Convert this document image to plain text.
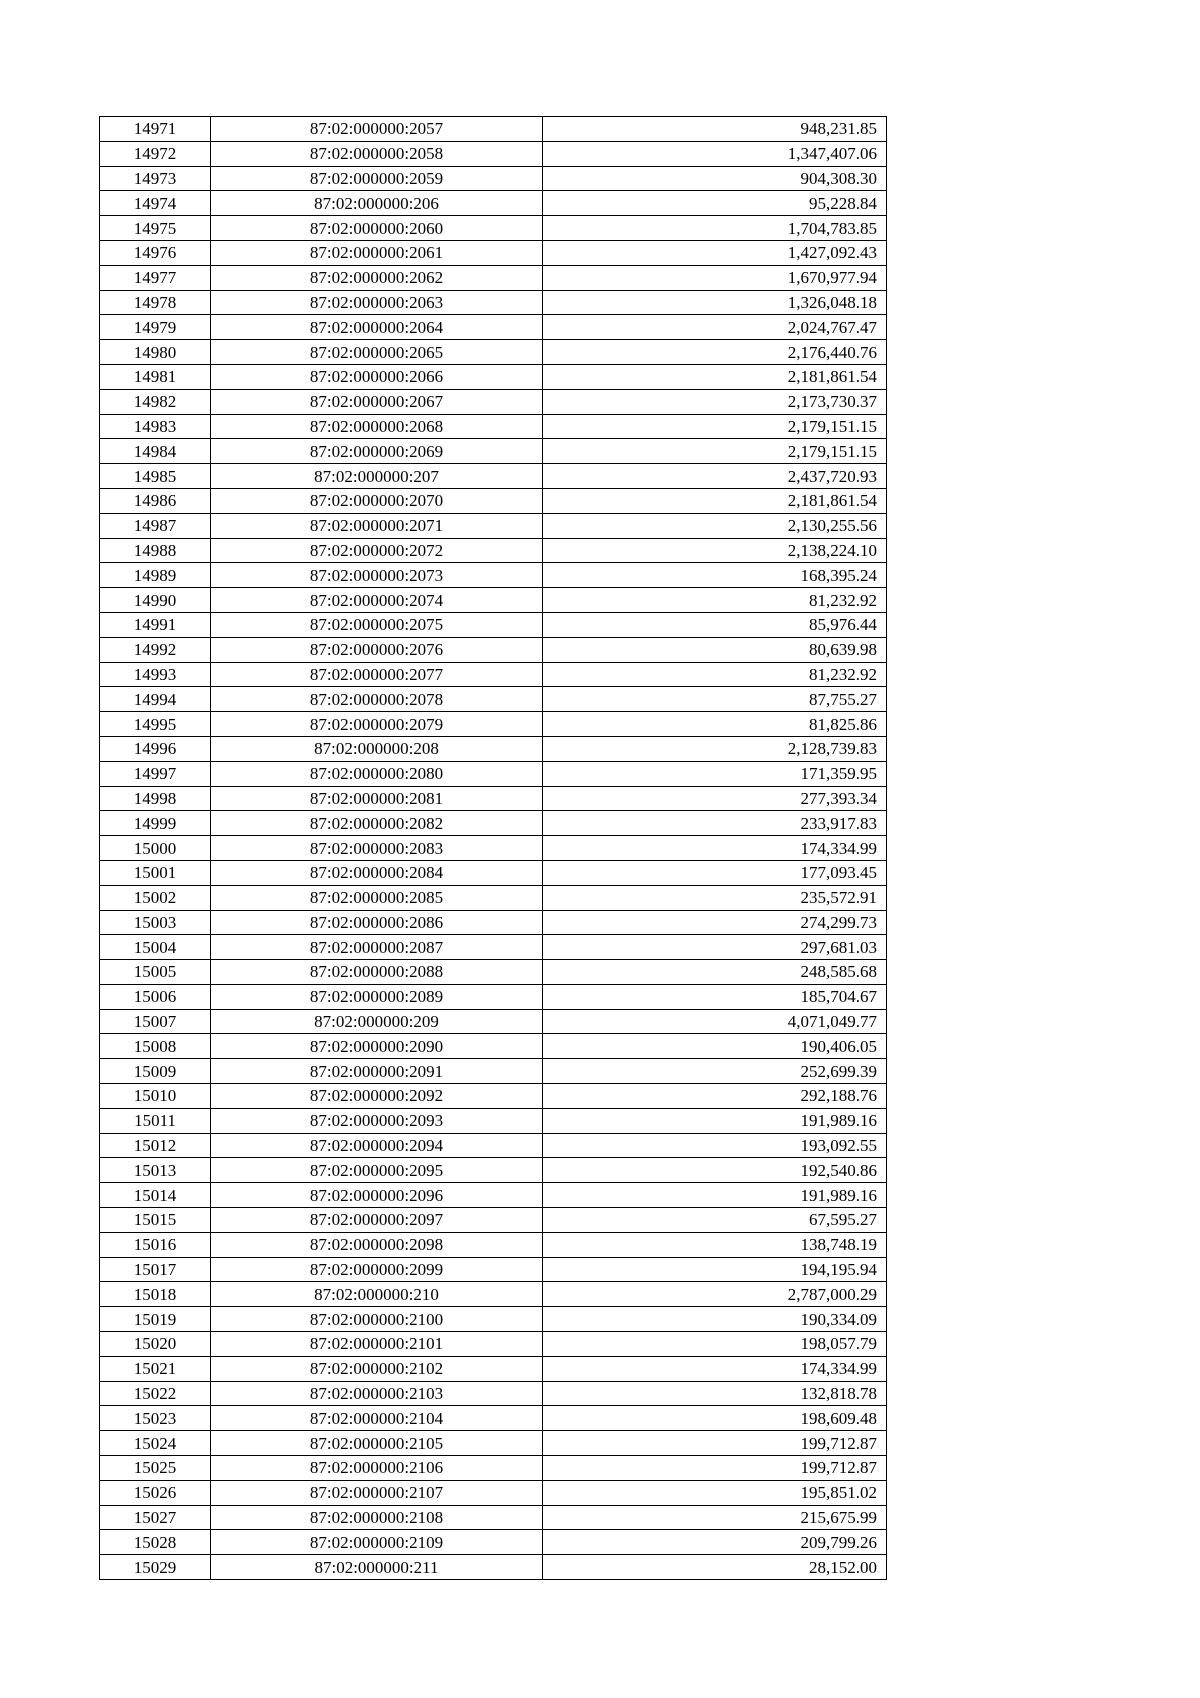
14971	87:02:000000:2057	948,231.85
14972	87:02:000000:2058	1,347,407.06
14973	87:02:000000:2059	904,308.30
14974	87:02:000000:206	95,228.84
14975	87:02:000000:2060	1,704,783.85
14976	87:02:000000:2061	1,427,092.43
14977	87:02:000000:2062	1,670,977.94
14978	87:02:000000:2063	1,326,048.18
14979	87:02:000000:2064	2,024,767.47
14980	87:02:000000:2065	2,176,440.76
14981	87:02:000000:2066	2,181,861.54
14982	87:02:000000:2067	2,173,730.37
14983	87:02:000000:2068	2,179,151.15
14984	87:02:000000:2069	2,179,151.15
14985	87:02:000000:207	2,437,720.93
14986	87:02:000000:2070	2,181,861.54
14987	87:02:000000:2071	2,130,255.56
14988	87:02:000000:2072	2,138,224.10
14989	87:02:000000:2073	168,395.24
14990	87:02:000000:2074	81,232.92
14991	87:02:000000:2075	85,976.44
14992	87:02:000000:2076	80,639.98
14993	87:02:000000:2077	81,232.92
14994	87:02:000000:2078	87,755.27
14995	87:02:000000:2079	81,825.86
14996	87:02:000000:208	2,128,739.83
14997	87:02:000000:2080	171,359.95
14998	87:02:000000:2081	277,393.34
14999	87:02:000000:2082	233,917.83
15000	87:02:000000:2083	174,334.99
15001	87:02:000000:2084	177,093.45
15002	87:02:000000:2085	235,572.91
15003	87:02:000000:2086	274,299.73
15004	87:02:000000:2087	297,681.03
15005	87:02:000000:2088	248,585.68
15006	87:02:000000:2089	185,704.67
15007	87:02:000000:209	4,071,049.77
15008	87:02:000000:2090	190,406.05
15009	87:02:000000:2091	252,699.39
15010	87:02:000000:2092	292,188.76
15011	87:02:000000:2093	191,989.16
15012	87:02:000000:2094	193,092.55
15013	87:02:000000:2095	192,540.86
15014	87:02:000000:2096	191,989.16
15015	87:02:000000:2097	67,595.27
15016	87:02:000000:2098	138,748.19
15017	87:02:000000:2099	194,195.94
15018	87:02:000000:210	2,787,000.29
15019	87:02:000000:2100	190,334.09
15020	87:02:000000:2101	198,057.79
15021	87:02:000000:2102	174,334.99
15022	87:02:000000:2103	132,818.78
15023	87:02:000000:2104	198,609.48
15024	87:02:000000:2105	199,712.87
15025	87:02:000000:2106	199,712.87
15026	87:02:000000:2107	195,851.02
15027	87:02:000000:2108	215,675.99
15028	87:02:000000:2109	209,799.26
15029	87:02:000000:211	28,152.00
